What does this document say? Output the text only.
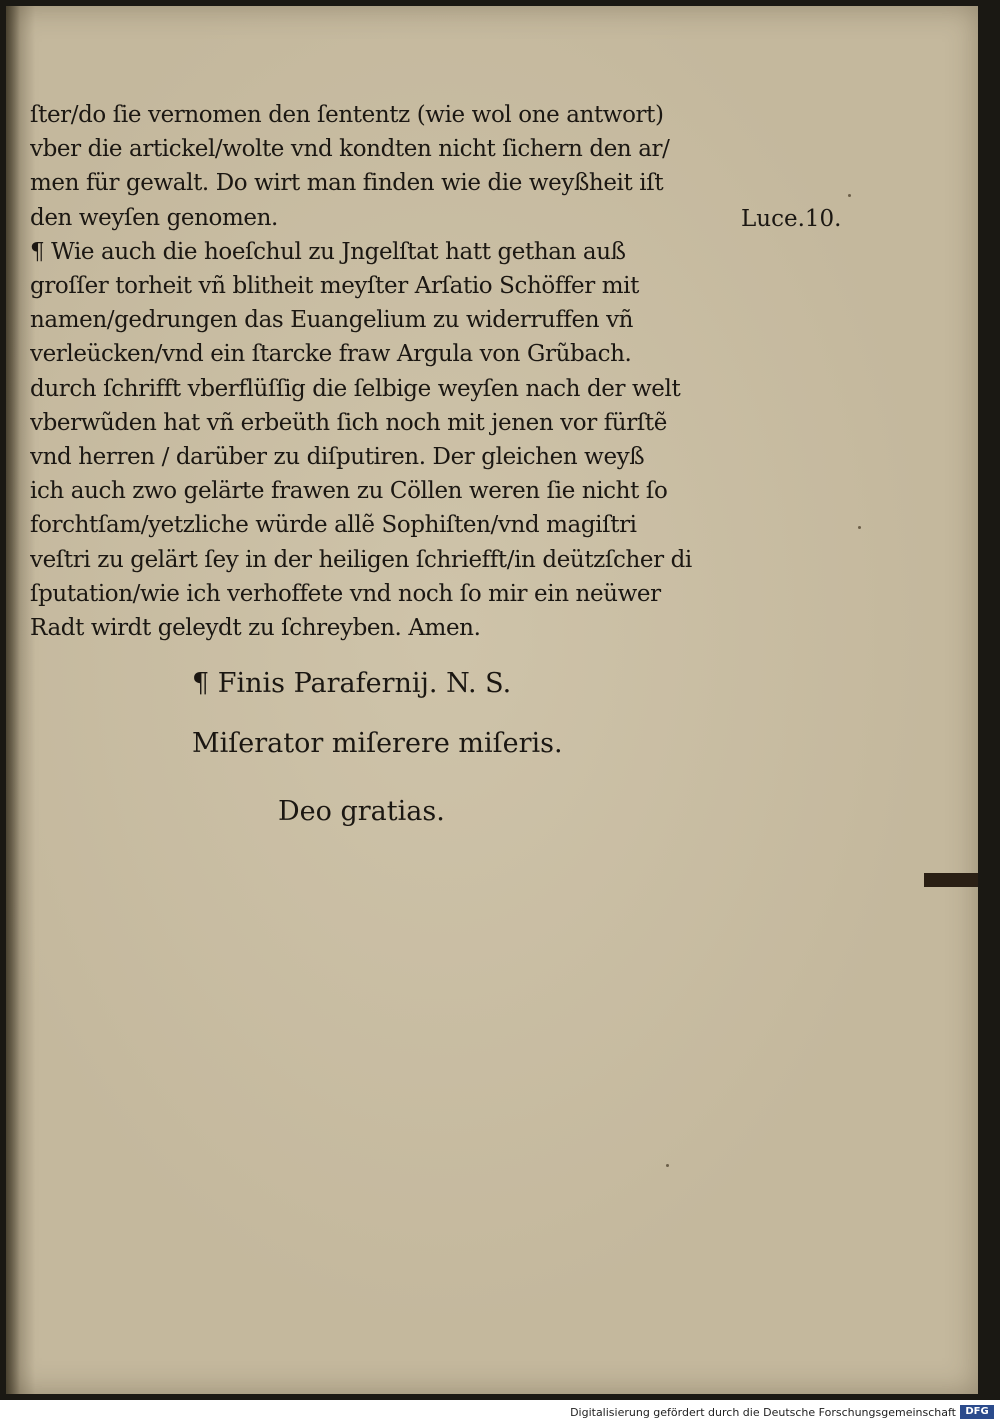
ſter/do ſie vernomen den ſententz (wie wol one antwort)
vber die artickel/wolte vnd kondten nicht ſichern den ar/
men für gewalt. Do wirt man finden wie die weyßheit iſt
den weyſen genomen.
¶ Wie auch die hoeſchul zu Jngelſtat hatt gethan auß
groſſer torheit vñ blitheit meyſter Arſatio Schöffer mit
namen/gedrungen das Euangelium zu widerruffen vñ
verleücken/vnd ein ſtarcke fraw Argula von Grũbach.
durch ſchrifft vberflüſſig die ſelbige weyſen nach der welt
vberwũden hat vñ erbeüth ſich noch mit jenen vor fürſtẽ
vnd herren / darüber zu diſputiren. Der gleichen weyß
ich auch zwo gelärte frawen zu Cöllen weren ſie nicht ſo
forchtſam/yetzliche würde allẽ Sophiſten/vnd magiſtri
veſtri zu gelärt ſey in der heiligen ſchriefft/in deützſcher di
ſputation/wie ich verhoffete vnd noch ſo mir ein neüwer
Radt wirdt geleydt zu ſchreyben. Amen.
Luce.10.
¶ Finis Parafernij. N. S.
Miſerator miſerere miſeris.
Deo gratias.
Digitalisierung gefördert durch die Deutsche Forschungsgemeinschaft DFG
